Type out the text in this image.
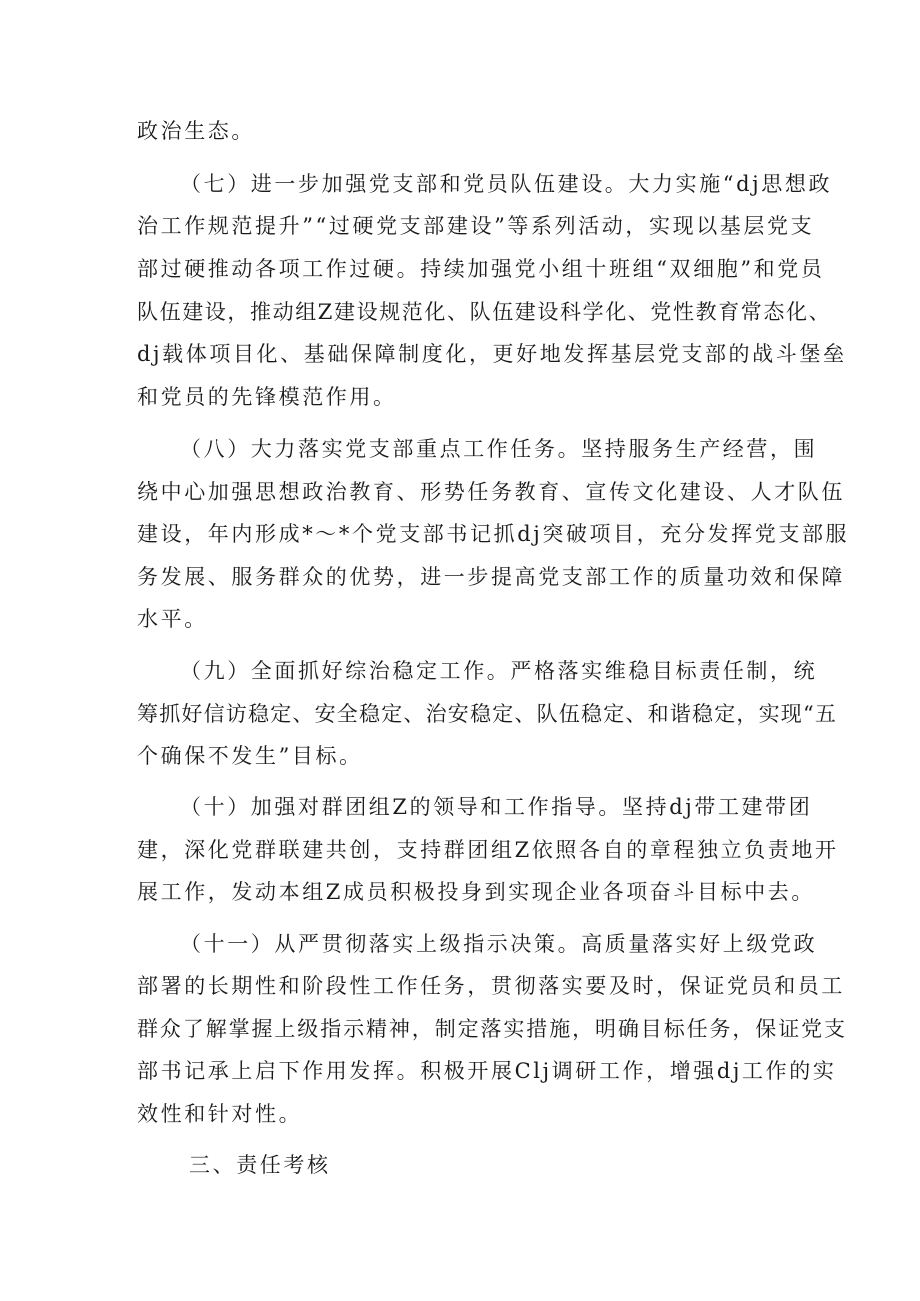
政治生态。
（七）进一步加强党支部和党员队伍建设。大力实施“dj思想政
治工作规范提升”“过硬党支部建设”等系列活动，实现以基层党支
部过硬推动各项工作过硬。持续加强党小组十班组“双细胞”和党员
队伍建设，推动组Z建设规范化、队伍建设科学化、党性教育常态化、
dj载体项目化、基础保障制度化，更好地发挥基层党支部的战斗堡垒
和党员的先锋模范作用。
（八）大力落实党支部重点工作任务。坚持服务生产经营，围
绕中心加强思想政治教育、形势任务教育、宣传文化建设、人才队伍
建设，年内形成*～*个党支部书记抓dj突破项目，充分发挥党支部服
务发展、服务群众的优势，进一步提高党支部工作的质量功效和保障
水平。
（九）全面抓好综治稳定工作。严格落实维稳目标责任制，统
筹抓好信访稳定、安全稳定、治安稳定、队伍稳定、和谐稳定，实现“五
个确保不发生”目标。
（十）加强对群团组Z的领导和工作指导。坚持dj带工建带团
建，深化党群联建共创，支持群团组Z依照各自的章程独立负责地开
展工作，发动本组Z成员积极投身到实现企业各项奋斗目标中去。
（十一）从严贯彻落实上级指示决策。高质量落实好上级党政
部署的长期性和阶段性工作任务，贯彻落实要及时，保证党员和员工
群众了解掌握上级指示精神，制定落实措施，明确目标任务，保证党支
部书记承上启下作用发挥。积极开展Clj调研工作，增强dj工作的实
效性和针对性。
三、责任考核
